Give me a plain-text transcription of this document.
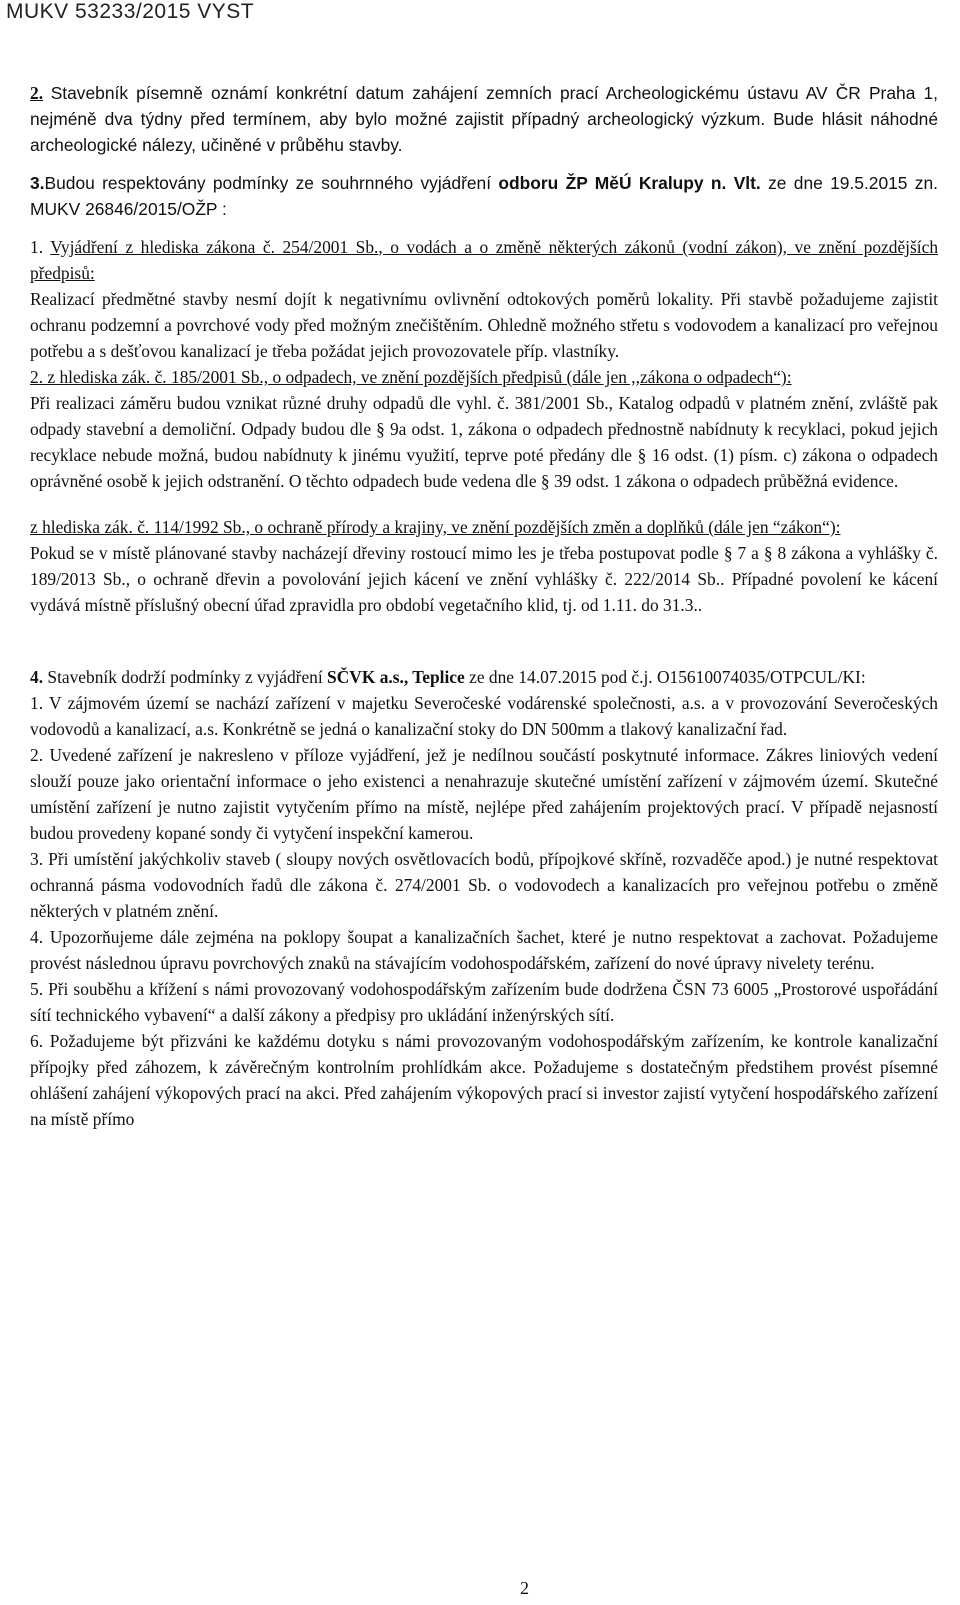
MUKV 53233/2015 VYST

2. Stavebník písemně oznámí konkrétní datum zahájení zemních prací Archeologickému ústavu AV ČR Praha 1, nejméně dva týdny před termínem, aby bylo možné zajistit případný archeologický výzkum. Bude hlásit náhodné archeologické nálezy, učiněné v průběhu stavby.

3.Budou respektovány podmínky ze souhrnného vyjádření odboru ŽP MěÚ Kralupy n. Vlt. ze dne 19.5.2015 zn. MUKV 26846/2015/OŽP :

1. Vyjádření z hlediska zákona č. 254/2001 Sb., o vodách a o změně některých zákonů (vodní zákon), ve znění pozdějších předpisů:

Realizací předmětné stavby nesmí dojít k negativnímu ovlivnění odtokových poměrů lokality. Při stavbě požadujeme zajistit ochranu podzemní a povrchové vody před možným znečištěním. Ohledně možného střetu s vodovodem a kanalizací pro veřejnou potřebu a s dešťovou kanalizací je třeba požádat jejich provozovatele příp. vlastníky.

2. z hlediska zák. č. 185/2001 Sb., o odpadech, ve znění pozdějších předpisů (dále jen ,,zákona o odpadech“):

Při realizaci záměru budou vznikat různé druhy odpadů dle vyhl. č. 381/2001 Sb., Katalog odpadů v platném znění, zvláště pak odpady stavební a demoliční. Odpady budou dle § 9a odst. 1, zákona o odpadech přednostně nabídnuty k recyklaci, pokud jejich recyklace nebude možná, budou nabídnuty k jinému využití, teprve poté předány dle § 16 odst. (1) písm. c) zákona o odpadech oprávněné osobě k jejich odstranění. O těchto odpadech bude vedena dle § 39 odst. 1 zákona o odpadech průběžná evidence.

z hlediska zák. č. 114/1992 Sb., o ochraně přírody a krajiny, ve znění pozdějších změn a doplňků (dále jen “zákon“):

Pokud se v místě plánované stavby nacházejí dřeviny rostoucí mimo les je třeba postupovat podle § 7 a § 8 zákona a vyhlášky č. 189/2013 Sb., o ochraně dřevin a povolování jejich kácení ve znění vyhlášky č. 222/2014 Sb.. Případné povolení ke kácení vydává místně příslušný obecní úřad zpravidla pro období vegetačního klid, tj. od 1.11. do 31.3..

4. Stavebník dodrží podmínky z vyjádření SČVK a.s., Teplice ze dne 14.07.2015 pod č.j. O15610074035/OTPCUL/KI:

1. V zájmovém území se nachází zařízení v majetku Severočeské vodárenské společnosti, a.s. a v provozování Severočeských vodovodů a kanalizací, a.s. Konkrétně se jedná o kanalizační stoky do DN 500mm a tlakový kanalizační řad.

2. Uvedené zařízení je nakresleno v příloze vyjádření, jež je nedílnou součástí poskytnuté informace. Zákres liniových vedení slouží pouze jako orientační informace o jeho existenci a nenahrazuje skutečné umístění zařízení v zájmovém území. Skutečné umístění zařízení je nutno zajistit vytyčením přímo na místě, nejlépe před zahájením projektových prací. V případě nejasností budou provedeny kopané sondy či vytyčení inspekční kamerou.

3. Při umístění jakýchkoliv staveb ( sloupy nových osvětlovacích bodů, přípojkové skříně, rozvaděče apod.) je nutné respektovat ochranná pásma vodovodních řadů dle zákona č. 274/2001 Sb. o vodovodech a kanalizacích pro veřejnou potřebu o změně některých v platném znění.

4. Upozorňujeme dále zejména na poklopy šoupat a kanalizačních šachet, které je nutno respektovat a zachovat. Požadujeme provést následnou úpravu povrchových znaků na stávajícím vodohospodářském, zařízení do nové úpravy nivelety terénu.

5. Při souběhu a křížení s námi provozovaný vodohospodářským zařízením bude dodržena ČSN 73 6005 „Prostorové uspořádání sítí technického vybavení“ a další zákony a předpisy pro ukládání inženýrských sítí.

6. Požadujeme být přizváni ke každému dotyku s námi provozovaným vodohospodářským zařízením, ke kontrole kanalizační přípojky před záhozem, k závěrečným kontrolním prohlídkám akce. Požadujeme s dostatečným předstihem provést písemné ohlášení zahájení výkopových prací na akci. Před zahájením výkopových prací si investor zajistí vytyčení hospodářského zařízení na místě přímo

2
